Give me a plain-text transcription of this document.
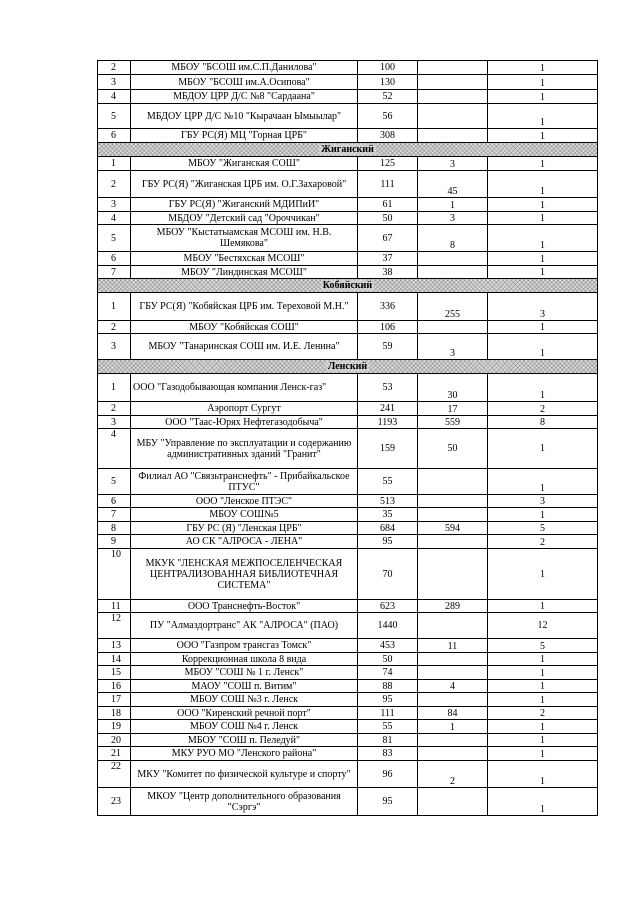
2	МБОУ "БСОШ им.С.П.Данилова"	100		1
3	МБОУ "БСОШ им.А.Осипова"	130		1
4	МБДОУ ЦРР Д/С №8 "Сардаана"	52		1
5	МБДОУ ЦРР Д/С №10 "Кырачаан Ымыылар"	56		1
6	ГБУ РС(Я) МЦ "Горная ЦРБ"	308		1
Жиганский				
1	МБОУ "Жиганская СОШ"	125	3	1
2	ГБУ РС(Я) "Жиганская ЦРБ им. О.Г.Захаровой"	111	45	1
3	ГБУ РС(Я) "Жиганский МДИПиИ"	61	1	1
4	МБДОУ "Детский сад "Ороччикан"	50	3	1
5	МБОУ "Кыстатыамская МСОШ им. Н.В. Шемякова"	67	8	1
6	МБОУ "Бестяхская МСОШ"	37		1
7	МБОУ "Линдинская МСОШ"	38		1
Кобяйский				
1	ГБУ РС(Я) "Кобяйская ЦРБ им. Тереховой М.Н."	336	255	3
2	МБОУ "Кобяйская СОШ"	106		1
3	МБОУ "Танаринская СОШ им. И.Е. Ленина"	59	3	1
Ленский				
1	ООО "Газодобывающая компания Ленск-газ"	53	30	1
2	Аэропорт Сургут	241	17	2
3	ООО "Таас-Юрях Нефтегазодобыча"	1193	559	8
4	МБУ "Управление по эксплуатации и содержанию административных зданий "Гранит"	159	50	1
5	Филиал АО "Связьтранснефть" - Прибайкальское ПТУС"	55		1
6	ООО "Ленское ПТЭС"	513		3
7	МБОУ СОШ№5	35		1
8	ГБУ РС (Я) "Ленская ЦРБ"	684	594	5
9	АО СК "АЛРОСА - ЛЕНА"	95		2
10	МКУК "ЛЕНСКАЯ МЕЖПОСЕЛЕНЧЕСКАЯ ЦЕНТРАЛИЗОВАННАЯ БИБЛИОТЕЧНАЯ СИСТЕМА"	70		1
11	ООО Транснефть-Восток"	623	289	1
12	ПУ "Алмаздортранс" АК "АЛРОСА" (ПАО)	1440		12
13	ООО "Газпром трансгаз Томск"	453	11	5
14	Коррекционная школа 8 вида	50		1
15	МБОУ "СОШ № 1 г. Ленск"	74		1
16	МАОУ "СОШ п. Витим"	88	4	1
17	МБОУ СОШ №3 г. Ленск	95		1
18	ООО "Киренский речной порт"	111	84	2
19	МБОУ СОШ №4 г. Ленск	55	1	1
20	МБОУ "СОШ п. Пеледуй"	81		1
21	МКУ РУО МО "Ленского района"	83		1
22	МКУ "Комитет по физической культуре и спорту"	96	2	1
23	МКОУ "Центр дополнительного образования "Сэргэ"	95		1
